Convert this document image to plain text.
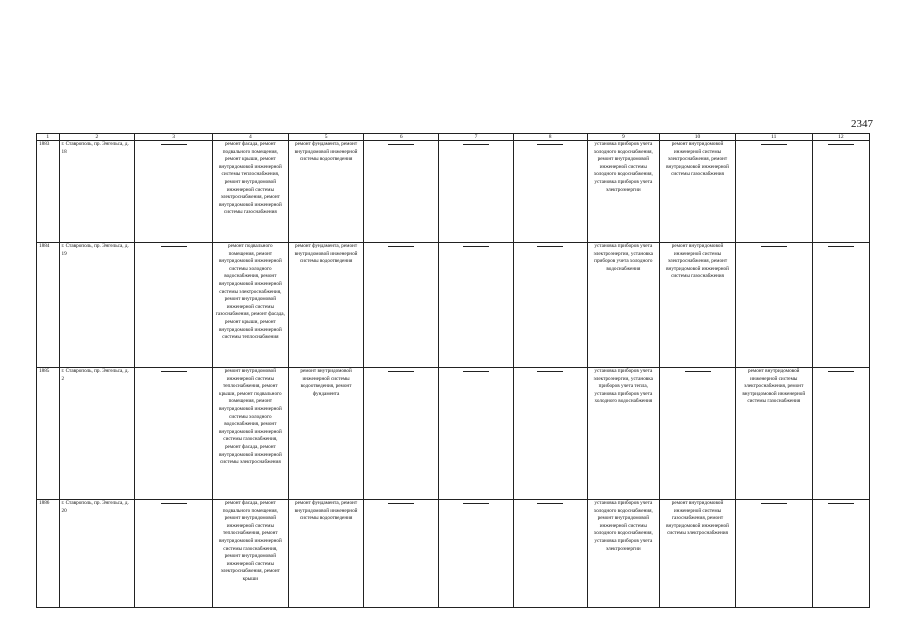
2347
1	2	3	4	5	6	7	8	9	10	11	12
1883	г. Ставрополь, пр. Энгельса, д. 18		ремонт фасада, ремонт подвального помещения, ремонт крыши, ремонт внутридомовой инженерной системы теплоснабжения, ремонт внутридомовой инженерной системы электроснабжения, ремонт внутридомовой инженерной системы газоснабжения	ремонт фундамента, ремонт внутридомовой инженерной системы водоотведения				установка приборов учета холодного водоснабжения, ремонт внутридомовой инженерной системы холодного водоснабжения, установка приборов учета электроэнергии	ремонт внутридомовой инженерной системы электроснабжения, ремонт внутридомовой инженерной системы газоснабжения		
1884	г. Ставрополь, пр. Энгельса, д. 19		ремонт подвального помещения, ремонт внутридомовой инженерной системы холодного водоснабжения, ремонт внутридомовой инженерной системы электроснабжения, ремонт внутридомовой инженерной системы газоснабжения, ремонт фасада, ремонт крыши, ремонт внутридомовой инженерной системы теплоснабжения	ремонт фундамента, ремонт внутридомовой инженерной системы водоотведения				установка приборов учета электроэнергии, установка приборов учета холодного водоснабжения	ремонт внутридомовой инженерной системы электроснабжения, ремонт внутридомовой инженерной системы газоснабжения		
1885	г. Ставрополь, пр. Энгельса, д. 2		ремонт внутридомовой инженерной системы теплоснабжения, ремонт крыши, ремонт подвального помещения, ремонт внутридомовой инженерной системы холодного водоснабжения, ремонт внутридомовой инженерной системы газоснабжения, ремонт фасада, ремонт внутридомовой инженерной системы электроснабжения	ремонт внутридомовой инженерной системы водоотведения, ремонт фундамента				установка приборов учета электроэнергии, установка приборов учета тепла, установка приборов учета холодного водоснабжения		ремонт внутридомовой инженерной системы электроснабжения, ремонт внутридомовой инженерной системы газоснабжения	
1886	г. Ставрополь, пр. Энгельса, д. 20		ремонт фасада, ремонт подвального помещения, ремонт внутридомовой инженерной системы теплоснабжения, ремонт внутридомовой инженерной системы газоснабжения, ремонт внутридомовой инженерной системы электроснабжения, ремонт крыши	ремонт фундамента, ремонт внутридомовой инженерной системы водоотведения				установка приборов учета холодного водоснабжения, ремонт внутридомовой инженерной системы холодного водоснабжения, установка приборов учета электроэнергии	ремонт внутридомовой инженерной системы газоснабжения, ремонт внутридомовой инженерной системы электроснабжения		
